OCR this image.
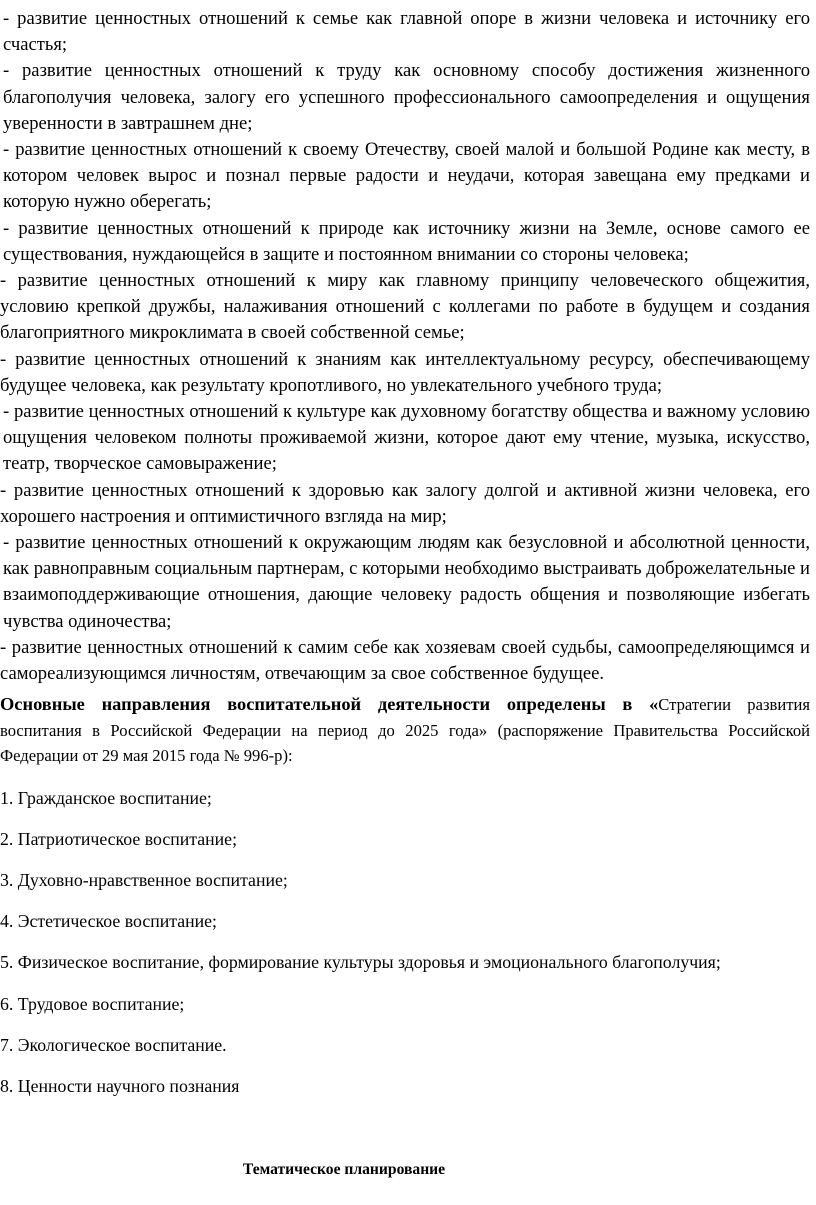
- развитие ценностных отношений к семье как главной опоре в жизни человека и источнику его счастья;

- развитие ценностных отношений к труду как основному способу достижения жизненного благополучия человека, залогу его успешного профессионального самоопределения и ощущения уверенности в завтрашнем дне;

- развитие ценностных отношений к своему Отечеству, своей малой и большой Родине как месту, в котором человек вырос и познал первые радости и неудачи, которая завещана ему предками и которую нужно оберегать;

- развитие ценностных отношений к природе как источнику жизни на Земле, основе самого ее существования, нуждающейся в защите и постоянном внимании со стороны человека;

- развитие ценностных отношений к миру как главному принципу человеческого общежития, условию крепкой дружбы, налаживания отношений с коллегами по работе в будущем и создания благоприятного микроклимата в своей собственной семье;

- развитие ценностных отношений к знаниям как интеллектуальному ресурсу, обеспечивающему будущее человека, как результату кропотливого, но увлекательного учебного труда;

- развитие ценностных отношений к культуре как духовному богатству общества и важному условию ощущения человеком полноты проживаемой жизни, которое дают ему чтение, музыка, искусство, театр, творческое самовыражение;

- развитие ценностных отношений к здоровью как залогу долгой и активной жизни человека, его хорошего настроения и оптимистичного взгляда на мир;

- развитие ценностных отношений к окружающим людям как безусловной и абсолютной ценности, как равноправным социальным партнерам, с которыми необходимо выстраивать доброжелательные и взаимоподдерживающие отношения, дающие человеку радость общения и позволяющие избегать чувства одиночества;

- развитие ценностных отношений к самим себе как хозяевам своей судьбы, самоопределяющимся и самореализующимся личностям, отвечающим за свое собственное будущее.

Основные направления воспитательной деятельности определены в «Стратегии развития воспитания в Российской Федерации на период до 2025 года» (распоряжение Правительства Российской Федерации от 29 мая 2015 года № 996-р):

1. Гражданское воспитание;

2. Патриотическое воспитание;

3. Духовно-нравственное воспитание;

4. Эстетическое воспитание;

5. Физическое воспитание, формирование культуры здоровья и эмоционального благополучия;

6. Трудовое воспитание;

7. Экологическое воспитание.

8. Ценности научного познания

Тематическое планирование
